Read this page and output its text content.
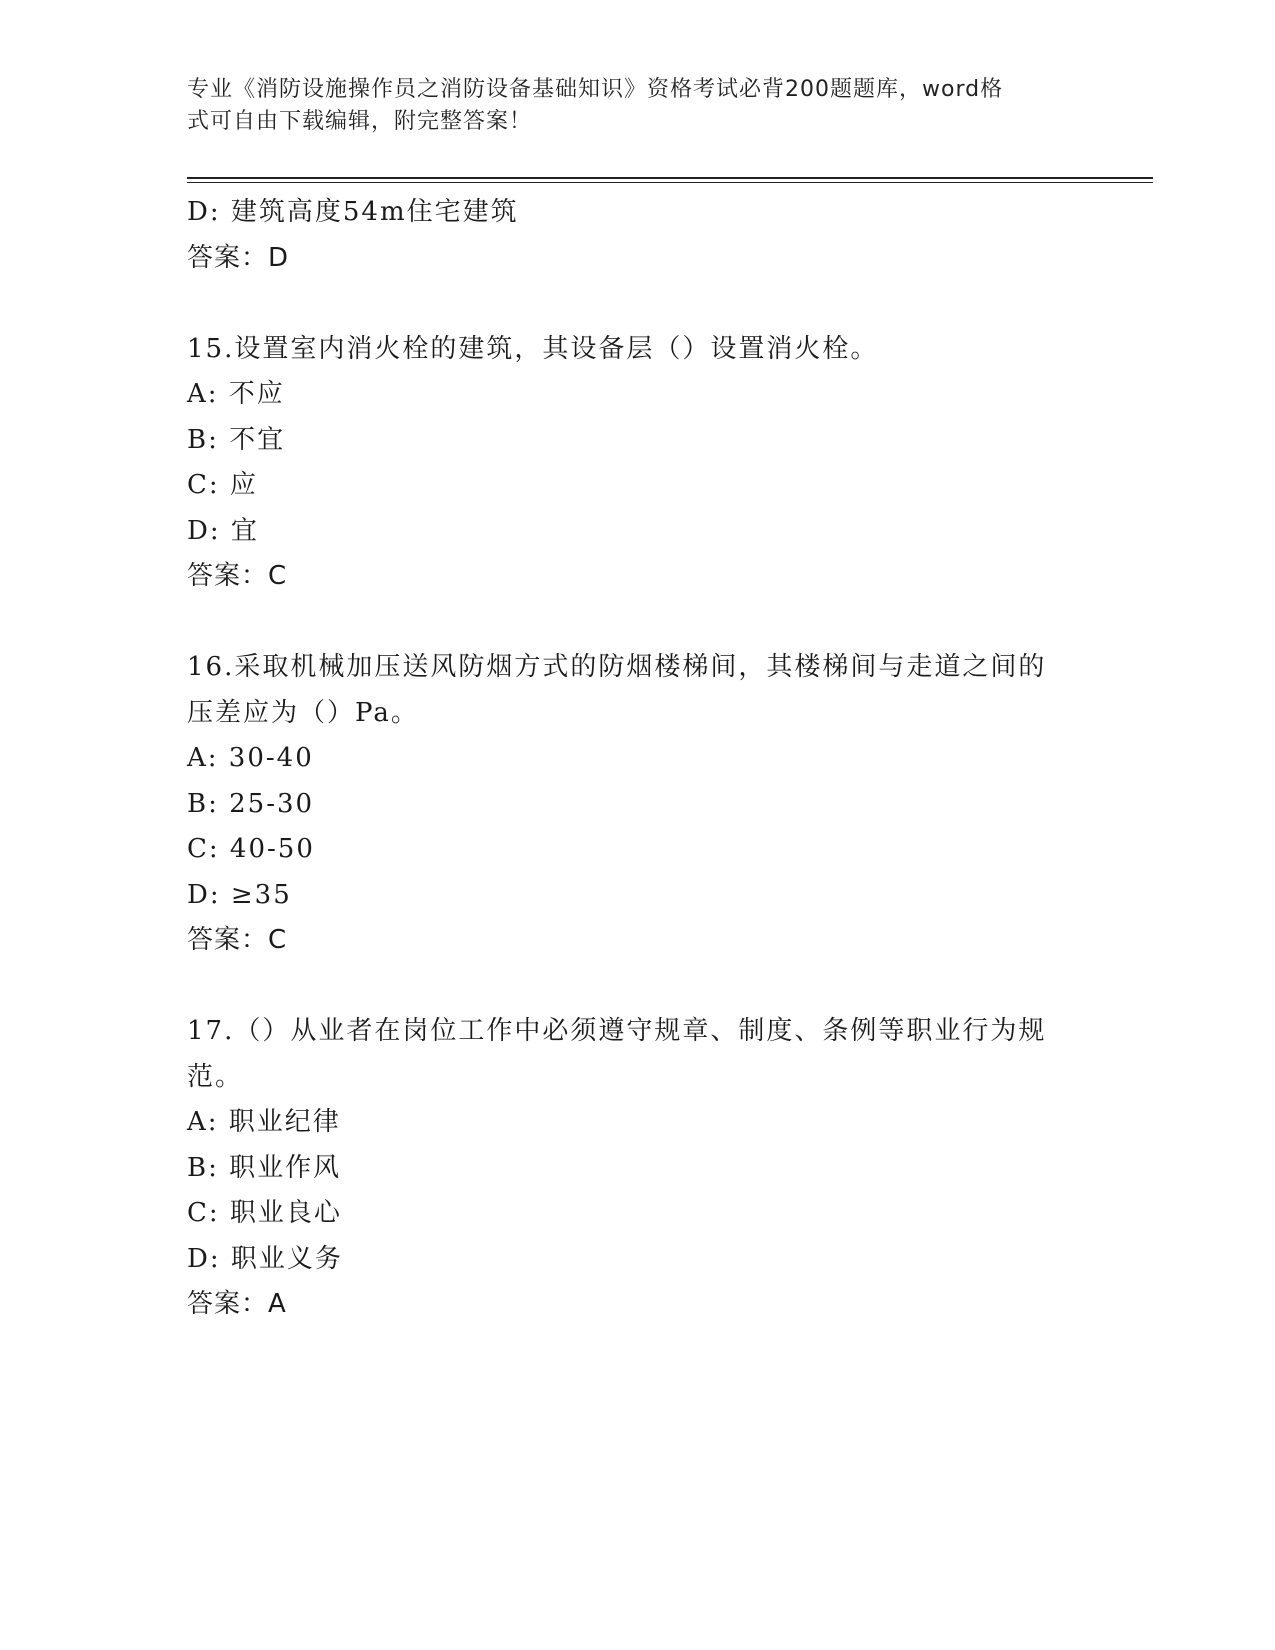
专业《消防设施操作员之消防设备基础知识》资格考试必背200题题库，word格
式可自由下载编辑，附完整答案！
D: 建筑高度54m住宅建筑
答案：D
15.设置室内消火栓的建筑，其设备层（）设置消火栓。
A: 不应
B: 不宜
C: 应
D: 宜
答案：C
16.采取机械加压送风防烟方式的防烟楼梯间，其楼梯间与走道之间的
压差应为（）Pa。
A: 30-40
B: 25-30
C: 40-50
D: ≥35
答案：C
17.（）从业者在岗位工作中必须遵守规章、制度、条例等职业行为规
范。
A: 职业纪律
B: 职业作风
C: 职业良心
D: 职业义务
答案：A
